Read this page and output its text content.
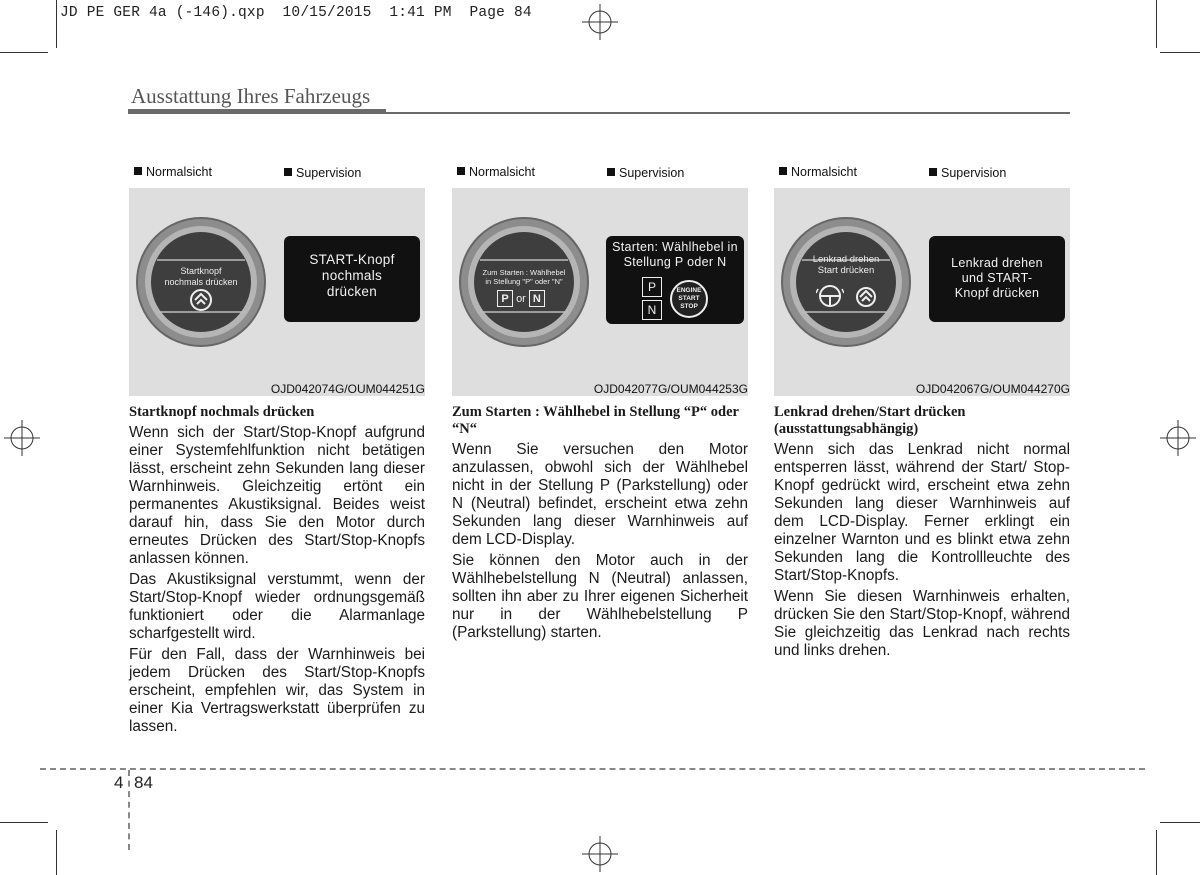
JD PE GER 4a (-146).qxp  10/15/2015  1:41 PM  Page 84
Ausstattung Ihres Fahrzeugs
Normalsicht	Supervision
Startknopf
nochmals drücken
START-Knopf
nochmals
drücken
OJD042074G/OUM044251G
Normalsicht	Supervision
Zum Starten : Wählhebel
in Stellung "P" oder "N"
P or N
Starten: Wählhebel in
Stellung P oder N
P
N
ENGINE
START
STOP
OJD042077G/OUM044253G
Normalsicht	Supervision
Lenkrad drehen
Start drücken
Lenkrad drehen
und START-
Knopf drücken
OJD042067G/OUM044270G
Startknopf nochmals drücken
Wenn sich der Start/Stop-Knopf aufgrund einer Systemfehlfunktion nicht betätigen lässt, erscheint zehn Sekunden lang dieser Warnhinweis. Gleichzeitig ertönt ein permanentes Akustiksignal. Beides weist darauf hin, dass Sie den Motor durch erneutes Drücken des Start/Stop-Knopfs anlassen können.
Das Akustiksignal verstummt, wenn der Start/Stop-Knopf wieder ordnungsgemäß funktioniert oder die Alarmanlage scharfgestellt wird.
Für den Fall, dass der Warnhinweis bei jedem Drücken des Start/Stop-Knopfs erscheint, empfehlen wir, das System in einer Kia Vertragswerkstatt überprüfen zu lassen.
Zum Starten : Wählhebel in Stellung “P“ oder “N“
Wenn Sie versuchen den Motor anzulassen, obwohl sich der Wählhebel nicht in der Stellung P (Parkstellung) oder N (Neutral) befindet, erscheint etwa zehn Sekunden lang dieser Warnhinweis auf dem LCD-Display.
Sie können den Motor auch in der Wählhebelstellung N (Neutral) anlassen, sollten ihn aber zu Ihrer eigenen Sicherheit nur in der Wählhebelstellung P (Parkstellung) starten.
Lenkrad drehen/Start drücken (ausstattungsabhängig)
Wenn sich das Lenkrad nicht normal entsperren lässt, während der Start/ Stop-Knopf gedrückt wird, erscheint etwa zehn Sekunden lang dieser Warnhinweis auf dem LCD-Display. Ferner erklingt ein einzelner Warnton und es blinkt etwa zehn Sekunden lang die Kontrollleuchte des Start/Stop-Knopfs.
Wenn Sie diesen Warnhinweis erhalten, drücken Sie den Start/Stop-Knopf, während Sie gleichzeitig das Lenkrad nach rechts und links drehen.
4 84
